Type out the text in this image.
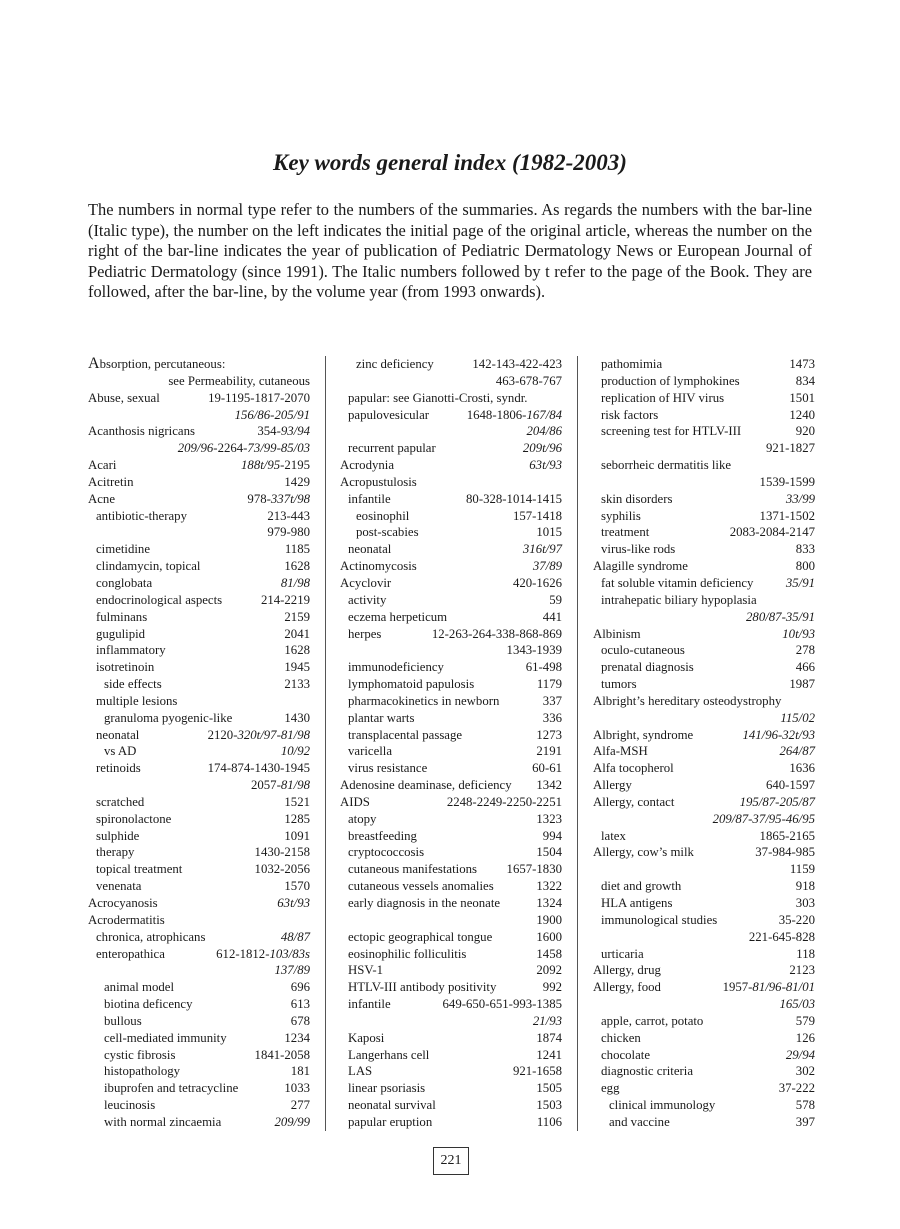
Key words general index (1982-2003)

The numbers in normal type refer to the numbers of the summaries. As regards the numbers with the bar-line (Italic type), the number on the left indicates the initial page of the original article, whereas the number on the right of the bar-line indicates the year of publication of Pediatric Dermatology News or European Journal of Pediatric Dermatology (since 1991). The Italic numbers followed by t refer to the page of the Book. They are followed, after the bar-line, by the volume year (from 1993 onwards).

Absorption, percutaneous:
see Permeability, cutaneous
Abuse, sexual	19-1195-1817-2070
156/86-205/91
Acanthosis nigricans	354-93/94
209/96-2264-73/99-85/03
Acari	188t/95-2195
Acitretin	1429
Acne	978-337t/98
antibiotic-therapy	213-443
979-980
cimetidine	1185
clindamycin, topical	1628
conglobata	81/98
endocrinological aspects	214-2219
fulminans	2159
gugulipid	2041
inflammatory	1628
isotretinoin	1945
side effects	2133
multiple lesions
granuloma pyogenic-like	1430
neonatal	2120-320t/97-81/98
vs AD	10/92
retinoids	174-874-1430-1945
2057-81/98
scratched	1521
spironolactone	1285
sulphide	1091
therapy	1430-2158
topical treatment	1032-2056
venenata	1570
Acrocyanosis	63t/93
Acrodermatitis
chronica, atrophicans	48/87
enteropathica	612-1812-103/83s
137/89
animal model	696
biotina deficency	613
bullous	678
cell-mediated immunity	1234
cystic fibrosis	1841-2058
histopathology	181
ibuprofen and tetracycline	1033
leucinosis	277
with normal zincaemia	209/99
zinc deficiency	142-143-422-423
463-678-767
papular: see Gianotti-Crosti, syndr.
papulovesicular	1648-1806-167/84
204/86
recurrent papular	209t/96
Acrodynia	63t/93
Acropustulosis
infantile	80-328-1014-1415
eosinophil	157-1418
post-scabies	1015
neonatal	316t/97
Actinomycosis	37/89
Acyclovir	420-1626
activity	59
eczema herpeticum	441
herpes	12-263-264-338-868-869
1343-1939
immunodeficiency	61-498
lymphomatoid papulosis	1179
pharmacokinetics in newborn	337
plantar warts	336
transplacental passage	1273
varicella	2191
virus resistance	60-61
Adenosine deaminase, deficiency 1342
AIDS	2248-2249-2250-2251
atopy	1323
breastfeeding	994
cryptococcosis	1504
cutaneous manifestations 1657-1830
cutaneous vessels anomalies	1322
early diagnosis in the neonate	1324
1900
ectopic geographical tongue	1600
eosinophilic folliculitis	1458
HSV-1	2092
HTLV-III antibody positivity	992
infantile	649-650-651-993-1385
21/93
Kaposi	1874
Langerhans cell	1241
LAS	921-1658
linear psoriasis	1505
neonatal survival	1503
papular eruption	1106
pathomimia	1473
production of lymphokines	834
replication of HIV virus	1501
risk factors	1240
screening test for HTLV-III	920
921-1827
seborrheic dermatitis like
1539-1599
skin disorders	33/99
syphilis	1371-1502
treatment	2083-2084-2147
virus-like rods	833
Alagille syndrome	800
fat soluble vitamin deficiency	35/91
intrahepatic biliary hypoplasia
280/87-35/91
Albinism	10t/93
oculo-cutaneous	278
prenatal diagnosis	466
tumors	1987
Albright’s hereditary osteodystrophy
115/02
Albright, syndrome	141/96-32t/93
Alfa-MSH	264/87
Alfa tocopherol	1636
Allergy	640-1597
Allergy, contact	195/87-205/87
209/87-37/95-46/95
latex	1865-2165
Allergy, cow’s milk	37-984-985
1159
diet and growth	918
HLA antigens	303
immunological studies	35-220
221-645-828
urticaria	118
Allergy, drug	2123
Allergy, food	1957-81/96-81/01
165/03
apple, carrot, potato	579
chicken	126
chocolate	29/94
diagnostic criteria	302
egg	37-222
clinical immunology	578
and vaccine	397
221
